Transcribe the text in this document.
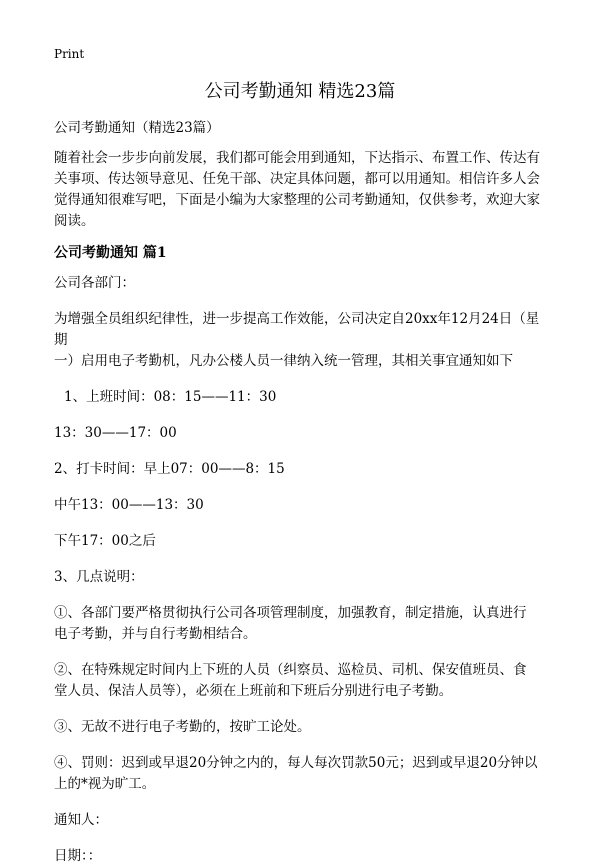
Print
公司考勤通知 精选23篇

公司考勤通知（精选23篇）

随着社会一步步向前发展，我们都可能会用到通知，下达指示、布置工作、传达有

关事项、传达领导意见、任免干部、决定具体问题，都可以用通知。相信许多人会

觉得通知很难写吧，下面是小编为大家整理的公司考勤通知，仅供参考，欢迎大家

阅读。

公司考勤通知 篇1

公司各部门：

为增强全员组织纪律性，进一步提高工作效能，公司决定自20xx年12月24日（星期

一）启用电子考勤机，凡办公楼人员一律纳入统一管理，其相关事宜通知如下

1、上班时间：08：15——11：30

13：30——17：00

2、打卡时间：早上07：00——8：15

中午13：00——13：30

下午17：00之后

3、几点说明：

①、各部门要严格贯彻执行公司各项管理制度，加强教育，制定措施，认真进行

电子考勤，并与自行考勤相结合。

②、在特殊规定时间内上下班的人员（纠察员、巡检员、司机、保安值班员、食

堂人员、保洁人员等），必须在上班前和下班后分别进行电子考勤。

③、无故不进行电子考勤的，按旷工论处。

④、罚则：迟到或早退20分钟之内的，每人每次罚款50元；迟到或早退20分钟以

上的*视为旷工。

通知人：

日期：：
